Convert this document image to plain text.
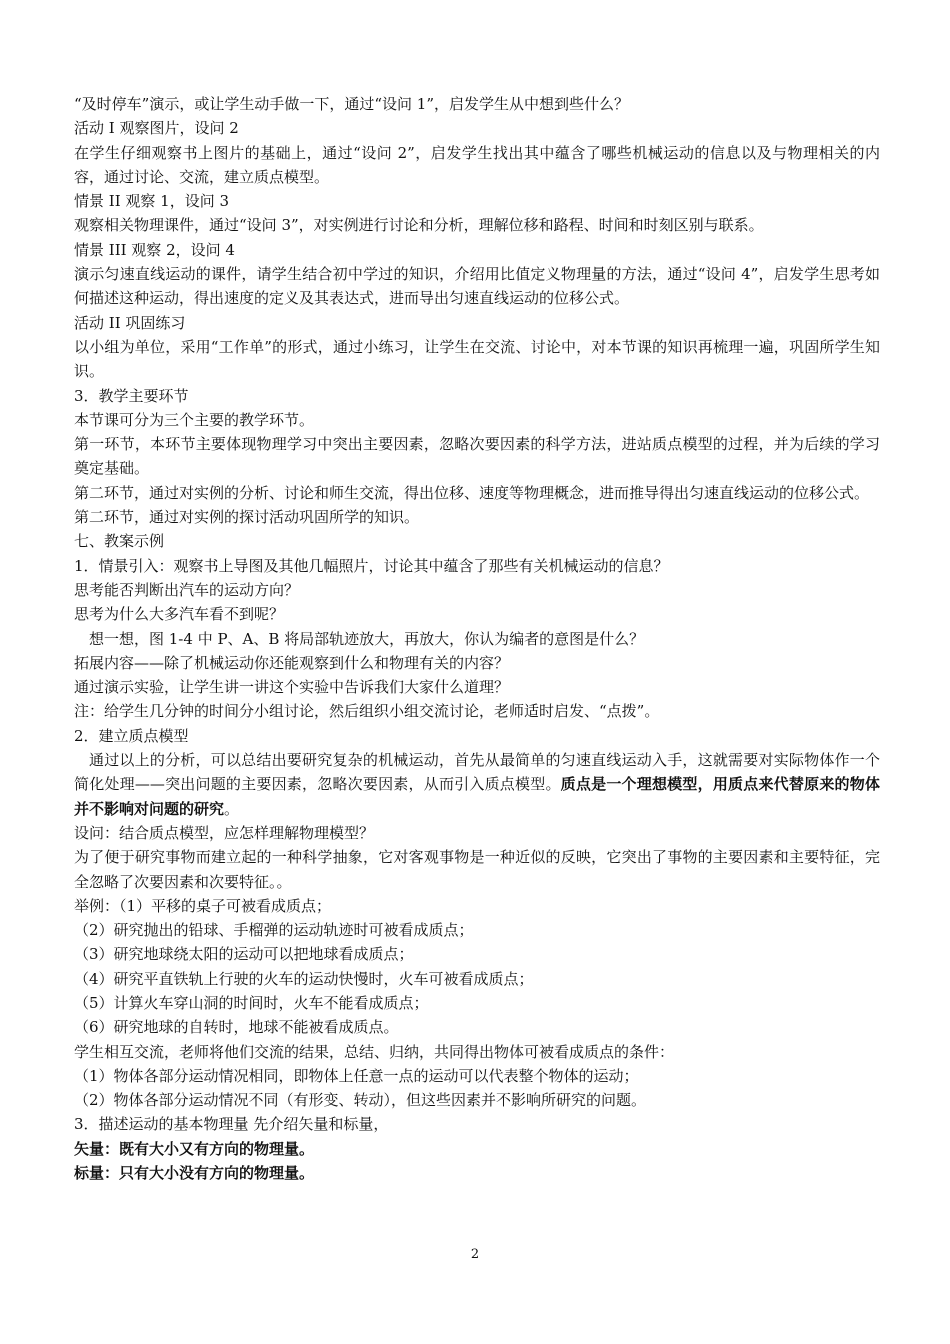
“及时停车”演示，或让学生动手做一下，通过“设问 1”，启发学生从中想到些什么？

活动 I 观察图片，设问 2

在学生仔细观察书上图片的基础上，通过“设问 2”，启发学生找出其中蕴含了哪些机械运动的信息以及与物理相关的内容，通过讨论、交流，建立质点模型。

情景 II 观察 1，设问 3

观察相关物理课件，通过“设问 3”，对实例进行讨论和分析，理解位移和路程、时间和时刻区别与联系。

情景 III 观察 2，设问 4

演示匀速直线运动的课件，请学生结合初中学过的知识，介绍用比值定义物理量的方法，通过“设问 4”，启发学生思考如何描述这种运动，得出速度的定义及其表达式，进而导出匀速直线运动的位移公式。

活动 II 巩固练习

以小组为单位，采用“工作单”的形式，通过小练习，让学生在交流、讨论中，对本节课的知识再梳理一遍，巩固所学生知识。

3．教学主要环节

本节课可分为三个主要的教学环节。

第一环节，本环节主要体现物理学习中突出主要因素，忽略次要因素的科学方法，进站质点模型的过程，并为后续的学习奠定基础。

第二环节，通过对实例的分析、讨论和师生交流，得出位移、速度等物理概念，进而推导得出匀速直线运动的位移公式。

第二环节，通过对实例的探讨活动巩固所学的知识。

七、教案示例

1．情景引入：观察书上导图及其他几幅照片，讨论其中蕴含了那些有关机械运动的信息？

思考能否判断出汽车的运动方向？

思考为什么大多汽车看不到呢？

想一想，图 1-4 中 P、A、B 将局部轨迹放大，再放大，你认为编者的意图是什么？

拓展内容——除了机械运动你还能观察到什么和物理有关的内容？

通过演示实验，让学生讲一讲这个实验中告诉我们大家什么道理？

注：给学生几分钟的时间分小组讨论，然后组织小组交流讨论，老师适时启发、“点拨”。

2．建立质点模型

通过以上的分析，可以总结出要研究复杂的机械运动，首先从最简单的匀速直线运动入手，这就需要对实际物体作一个简化处理——突出问题的主要因素，忽略次要因素，从而引入质点模型。质点是一个理想模型，用质点来代替原来的物体并不影响对问题的研究。

设问：结合质点模型，应怎样理解物理模型？

为了便于研究事物而建立起的一种科学抽象，它对客观事物是一种近似的反映，它突出了事物的主要因素和主要特征，完全忽略了次要因素和次要特征。。

举例：（1）平移的桌子可被看成质点；

（2）研究抛出的铅球、手榴弹的运动轨迹时可被看成质点；

（3）研究地球绕太阳的运动可以把地球看成质点；

（4）研究平直铁轨上行驶的火车的运动快慢时，火车可被看成质点；

（5）计算火车穿山洞的时间时，火车不能看成质点；

（6）研究地球的自转时，地球不能被看成质点。

学生相互交流，老师将他们交流的结果，总结、归纳，共同得出物体可被看成质点的条件：

（1）物体各部分运动情况相同，即物体上任意一点的运动可以代表整个物体的运动；

（2）物体各部分运动情况不同（有形变、转动），但这些因素并不影响所研究的问题。

3．描述运动的基本物理量 先介绍矢量和标量，

矢量：既有大小又有方向的物理量。

标量：只有大小没有方向的物理量。

2
